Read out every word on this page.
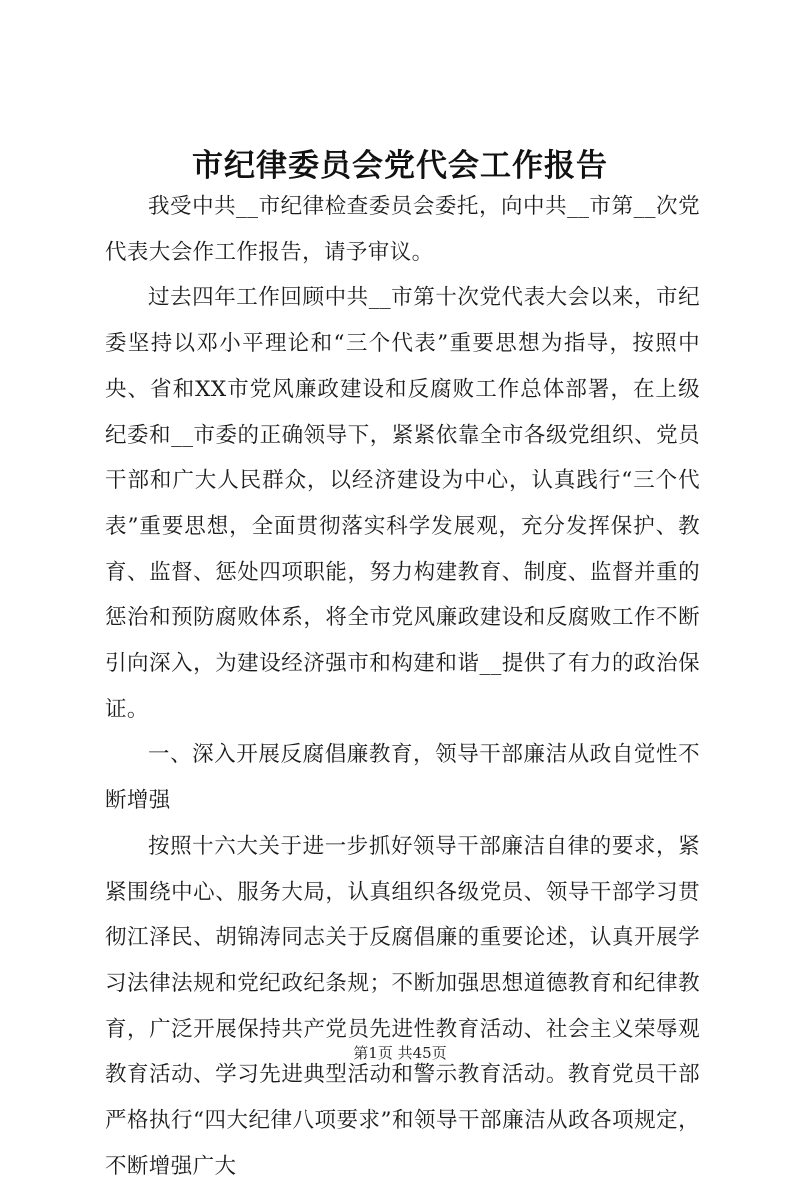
市纪律委员会党代会工作报告

我受中共__市纪律检查委员会委托，向中共__市第__次党代表大会作工作报告，请予审议。

过去四年工作回顾中共__市第十次党代表大会以来，市纪委坚持以邓小平理论和“三个代表”重要思想为指导，按照中央、省和XX市党风廉政建设和反腐败工作总体部署，在上级纪委和__市委的正确领导下，紧紧依靠全市各级党组织、党员干部和广大人民群众，以经济建设为中心，认真践行“三个代表”重要思想，全面贯彻落实科学发展观，充分发挥保护、教育、监督、惩处四项职能，努力构建教育、制度、监督并重的惩治和预防腐败体系，将全市党风廉政建设和反腐败工作不断引向深入，为建设经济强市和构建和谐__提供了有力的政治保证。

一、深入开展反腐倡廉教育，领导干部廉洁从政自觉性不断增强

按照十六大关于进一步抓好领导干部廉洁自律的要求，紧紧围绕中心、服务大局，认真组织各级党员、领导干部学习贯彻江泽民、胡锦涛同志关于反腐倡廉的重要论述，认真开展学习法律法规和党纪政纪条规；不断加强思想道德教育和纪律教育，广泛开展保持共产党员先进性教育活动、社会主义荣辱观教育活动、学习先进典型活动和警示教育活动。教育党员干部严格执行“四大纪律八项要求”和领导干部廉洁从政各项规定，不断增强广大

第1页 共45页
